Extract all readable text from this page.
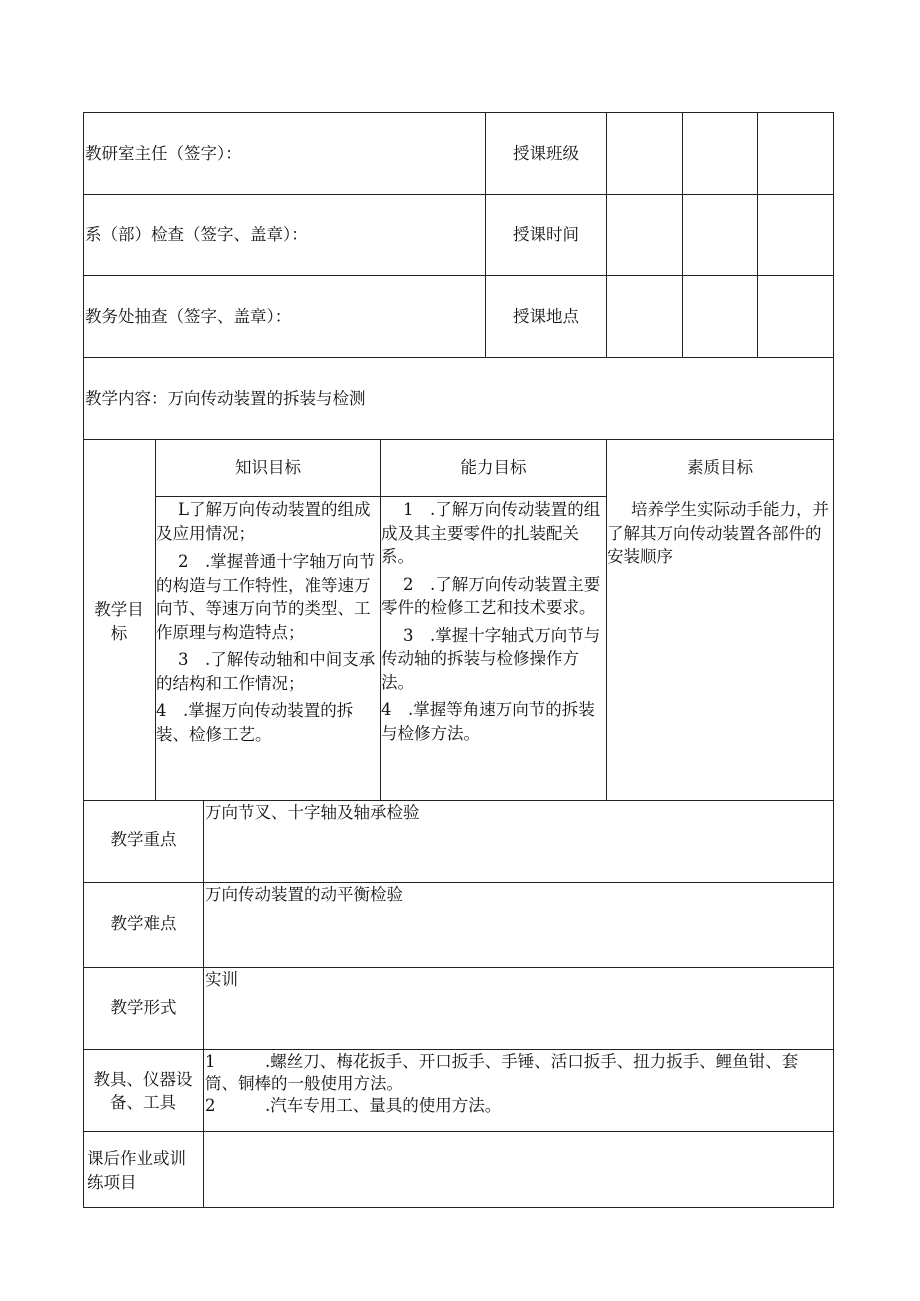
教研室主任（签字）：
系（部）检查（签字、盖章）：
教务处抽查（签字、盖章）：
授课班级
授课时间
授课地点
教学内容：万向传动装置的拆装与检测
教学目标
知识目标	能力目标	素质目标
L了解万向传动装置的组成及应用情况；
2　.掌握普通十字轴万向节的构造与工作特性，准等速万向节、等速万向节的类型、工作原理与构造特点；
3　.了解传动轴和中间支承的结构和工作情况；
4　.掌握万向传动装置的拆装、检修工艺。
1　.了解万向传动装置的组成及其主要零件的扎装配关系。
2　.了解万向传动装置主要零件的检修工艺和技术要求。
3　.掌握十字轴式万向节与传动轴的拆装与检修操作方法。
4　.掌握等角速万向节的拆装与检修方法。
培养学生实际动手能力，并了解其万向传动装置各部件的安装顺序
教学重点
万向节叉、十字轴及轴承检验
教学难点
万向传动装置的动平衡检验
教学形式
实训
教具、仪器设备、工具
1　　　.螺丝刀、梅花扳手、开口扳手、手锤、活口扳手、扭力扳手、鲤鱼钳、套筒、铜棒的一般使用方法。
2　　　.汽车专用工、量具的使用方法。
课后作业或训练项目
